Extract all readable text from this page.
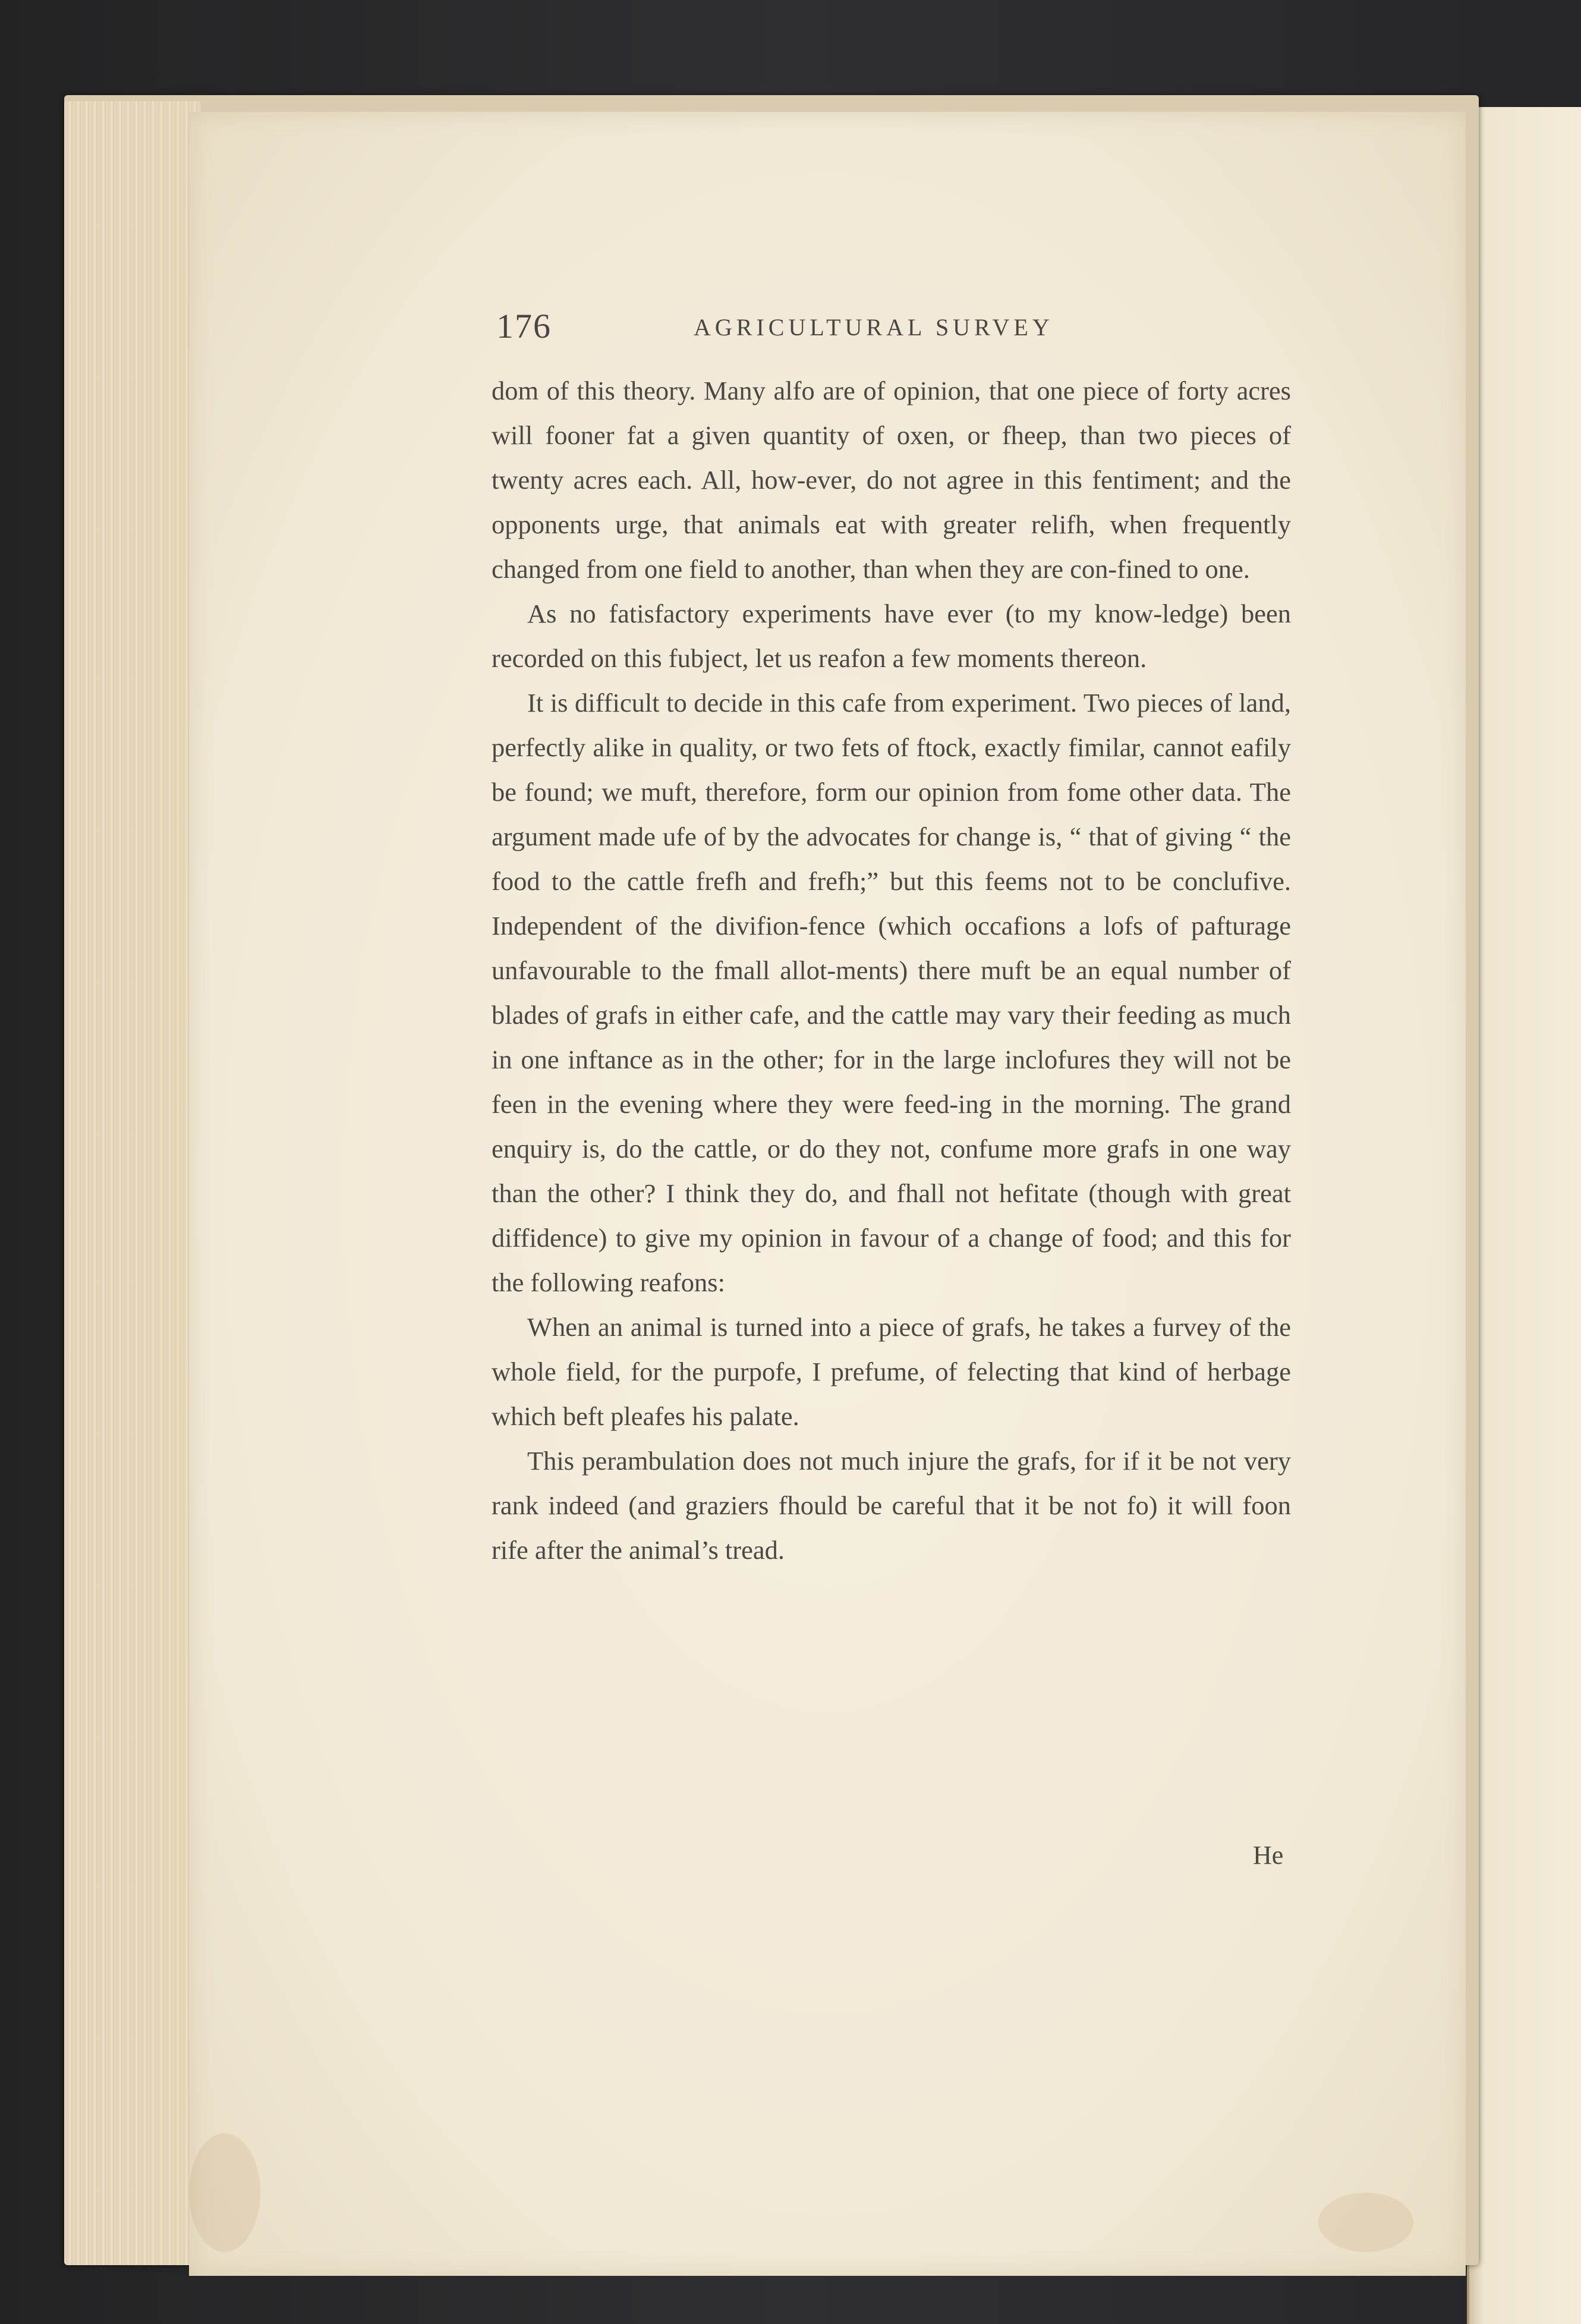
176	AGRICULTURAL SURVEY

dom of this theory. Many alfo are of opinion, that one piece of forty acres will fooner fat a given quantity of oxen, or fheep, than two pieces of twenty acres each. All, how-ever, do not agree in this fentiment; and the opponents urge, that animals eat with greater relifh, when frequently changed from one field to another, than when they are con-fined to one.

As no fatisfactory experiments have ever (to my know-ledge) been recorded on this fubject, let us reafon a few moments thereon.

It is difficult to decide in this cafe from experiment. Two pieces of land, perfectly alike in quality, or two fets of ftock, exactly fimilar, cannot eafily be found; we muft, therefore, form our opinion from fome other data. The argument made ufe of by the advocates for change is, “ that of giving “ the food to the cattle frefh and frefh;” but this feems not to be conclufive. Independent of the divifion-fence (which occafions a lofs of pafturage unfavourable to the fmall allot-ments) there muft be an equal number of blades of grafs in either cafe, and the cattle may vary their feeding as much in one inftance as in the other; for in the large inclofures they will not be feen in the evening where they were feed-ing in the morning. The grand enquiry is, do the cattle, or do they not, confume more grafs in one way than the other? I think they do, and fhall not hefitate (though with great diffidence) to give my opinion in favour of a change of food; and this for the following reafons:

When an animal is turned into a piece of grafs, he takes a furvey of the whole field, for the purpofe, I prefume, of felecting that kind of herbage which beft pleafes his palate.

This perambulation does not much injure the grafs, for if it be not very rank indeed (and graziers fhould be careful that it be not fo) it will foon rife after the animal’s tread.

He
